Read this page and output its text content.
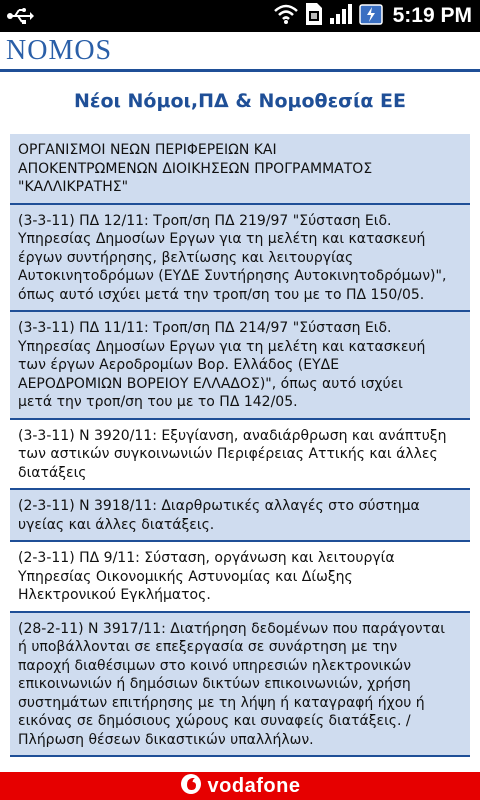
5:19 PM
NOMOS
Νέοι Νόμοι,ΠΔ & Νομοθεσία ΕΕ
ΟΡΓΑΝΙΣΜΟΙ ΝΕΩΝ ΠΕΡΙΦΕΡΕΙΩΝ ΚΑΙ
ΑΠΟΚΕΝΤΡΩΜΕΝΩΝ ΔΙΟΙΚΗΣΕΩΝ ΠΡΟΓΡΑΜΜΑΤΟΣ
"ΚΑΛΛΙΚΡΑΤΗΣ"
(3-3-11) ΠΔ 12/11: Τροπ/ση ΠΔ 219/97 "Σύσταση Ειδ.
Υπηρεσίας Δημοσίων Εργων για τη μελέτη και κατασκευή
έργων συντήρησης, βελτίωσης και λειτουργίας
Αυτοκινητοδρόμων (ΕΥΔΕ Συντήρησης Αυτοκινητοδρόμων)",
όπως αυτό ισχύει μετά την τροπ/ση του με το ΠΔ 150/05.
(3-3-11) ΠΔ 11/11: Τροπ/ση ΠΔ 214/97 "Σύσταση Ειδ.
Υπηρεσίας Δημοσίων Εργων για τη μελέτη και κατασκευή
των έργων Αεροδρομίων Βορ. Ελλάδος (ΕΥΔΕ
ΑΕΡΟΔΡΟΜΙΩΝ ΒΟΡΕΙΟΥ ΕΛΛΑΔΟΣ)", όπως αυτό ισχύει
μετά την τροπ/ση του με το ΠΔ 142/05.
(3-3-11) Ν 3920/11: Εξυγίανση, αναδιάρθρωση και ανάπτυξη
των αστικών συγκοινωνιών Περιφέρειας Αττικής και άλλες
διατάξεις
(2-3-11) Ν 3918/11: Διαρθρωτικές αλλαγές στο σύστημα
υγείας και άλλες διατάξεις.
(2-3-11) ΠΔ 9/11: Σύσταση, οργάνωση και λειτουργία
Υπηρεσίας Οικονομικής Αστυνομίας και Δίωξης
Ηλεκτρονικού Εγκλήματος.
(28-2-11) Ν 3917/11: Διατήρηση δεδομένων που παράγονται
ή υποβάλλονται σε επεξεργασία σε συνάρτηση με την
παροχή διαθέσιμων στο κοινό υπηρεσιών ηλεκτρονικών
επικοινωνιών ή δημόσιων δικτύων επικοινωνιών, χρήση
συστημάτων επιτήρησης με τη λήψη ή καταγραφή ήχου ή
εικόνας σε δημόσιους χώρους και συναφείς διατάξεις. /
Πλήρωση θέσεων δικαστικών υπαλλήλων.
vodafone
